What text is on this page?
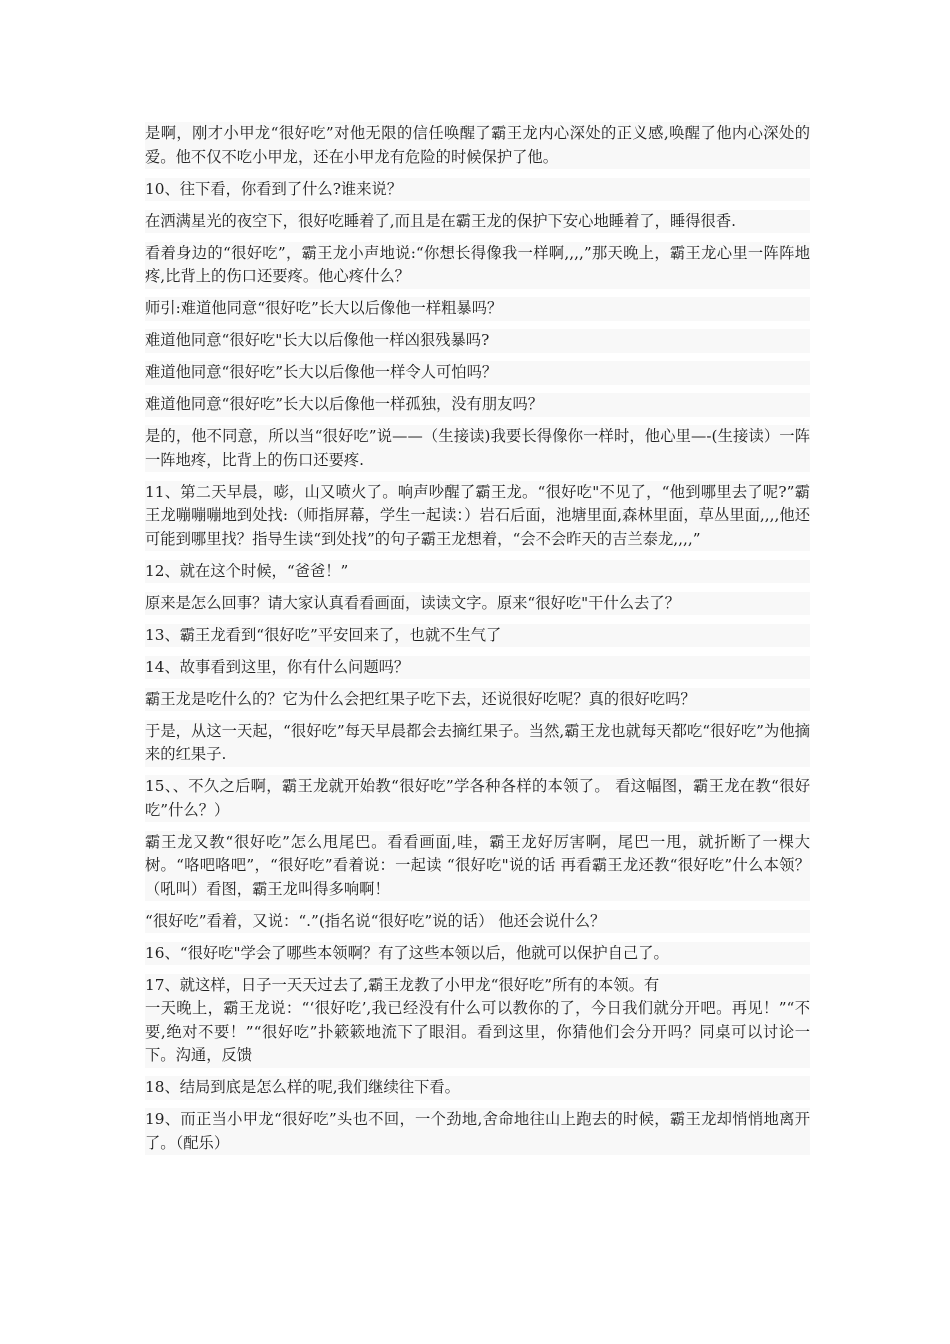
是啊，刚才小甲龙“很好吃”对他无限的信任唤醒了霸王龙内心深处的正义感,唤醒了他内心深处的爱。他不仅不吃小甲龙，还在小甲龙有危险的时候保护了他。

10、往下看，你看到了什么?谁来说？

在洒满星光的夜空下，很好吃睡着了,而且是在霸王龙的保护下安心地睡着了，睡得很香.

看着身边的“很好吃”，霸王龙小声地说:“你想长得像我一样啊,,,,”那天晚上，霸王龙心里一阵阵地疼,比背上的伤口还要疼。他心疼什么？

师引:难道他同意“很好吃”长大以后像他一样粗暴吗？

难道他同意“很好吃"长大以后像他一样凶狠残暴吗?

难道他同意“很好吃”长大以后像他一样令人可怕吗？

难道他同意“很好吃”长大以后像他一样孤独，没有朋友吗？

是的，他不同意，所以当“很好吃”说——（生接读)我要长得像你一样时，他心里—-(生接读）一阵一阵地疼，比背上的伤口还要疼.

11、第二天早晨，嘭，山又喷火了。响声吵醒了霸王龙。“很好吃"不见了，“他到哪里去了呢?”霸王龙嘣嘣嘣地到处找:（师指屏幕，学生一起读：）岩石后面，池塘里面,森林里面，草丛里面,,,,他还可能到哪里找？指导生读“到处找”的句子霸王龙想着，“会不会昨天的吉兰泰龙,,,,”

12、就在这个时候，“爸爸！”

原来是怎么回事？请大家认真看看画面，读读文字。原来“很好吃"干什么去了？

13、霸王龙看到“很好吃”平安回来了，也就不生气了

14、故事看到这里，你有什么问题吗？

霸王龙是吃什么的？它为什么会把红果子吃下去，还说很好吃呢？真的很好吃吗？

于是，从这一天起，“很好吃”每天早晨都会去摘红果子。当然,霸王龙也就每天都吃“很好吃”为他摘来的红果子.

15、、不久之后啊，霸王龙就开始教“很好吃”学各种各样的本领了。 看这幅图，霸王龙在教“很好吃”什么？）

霸王龙又教“很好吃”怎么甩尾巴。看看画面,哇，霸王龙好厉害啊，尾巴一甩，就折断了一棵大树。“咯吧咯吧”，“很好吃”看着说：一起读 “很好吃"说的话 再看霸王龙还教“很好吃”什么本领？（吼叫）看图，霸王龙叫得多响啊！

“很好吃”看着，又说：“.”(指名说“很好吃”说的话） 他还会说什么？

16、“很好吃"学会了哪些本领啊？有了这些本领以后，他就可以保护自己了。

17、就这样，日子一天天过去了,霸王龙教了小甲龙“很好吃”所有的本领。有

一天晚上，霸王龙说：“‘很好吃’,我已经没有什么可以教你的了，今日我们就分开吧。再见！”“不要,绝对不要！”“很好吃”扑簌簌地流下了眼泪。看到这里，你猜他们会分开吗？同桌可以讨论一下。沟通，反馈

18、结局到底是怎么样的呢,我们继续往下看。

19、而正当小甲龙“很好吃”头也不回，一个劲地,舍命地往山上跑去的时候，霸王龙却悄悄地离开了。（配乐）
